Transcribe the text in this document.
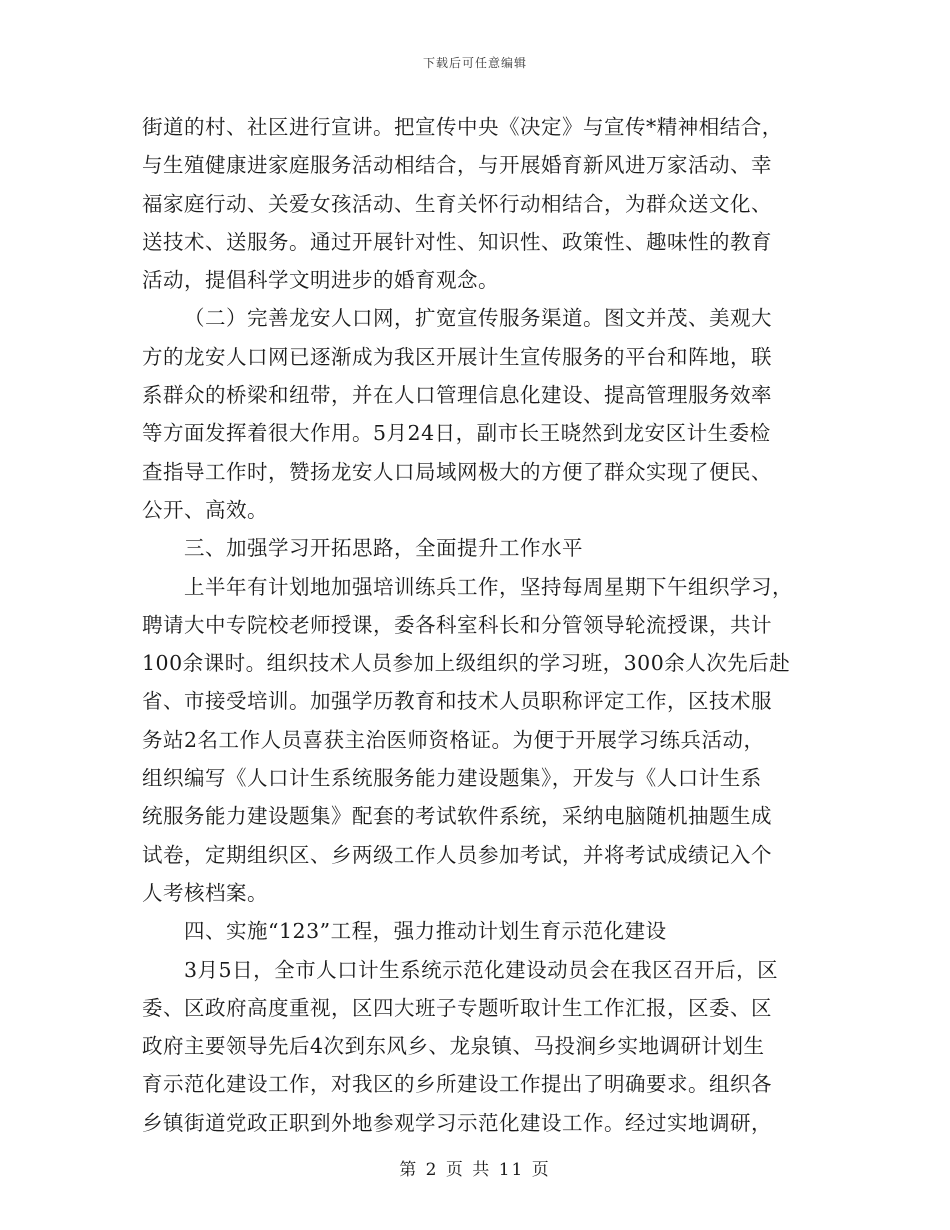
下载后可任意编辑
街道的村、社区进行宣讲。把宣传中央《决定》与宣传*精神相结合，
与生殖健康进家庭服务活动相结合，与开展婚育新风进万家活动、幸
福家庭行动、关爱女孩活动、生育关怀行动相结合，为群众送文化、
送技术、送服务。通过开展针对性、知识性、政策性、趣味性的教育
活动，提倡科学文明进步的婚育观念。
（二）完善龙安人口网，扩宽宣传服务渠道。图文并茂、美观大
方的龙安人口网已逐渐成为我区开展计生宣传服务的平台和阵地，联
系群众的桥梁和纽带，并在人口管理信息化建设、提高管理服务效率
等方面发挥着很大作用。5月24日，副市长王晓然到龙安区计生委检
查指导工作时，赞扬龙安人口局域网极大的方便了群众实现了便民、
公开、高效。
三、加强学习开拓思路，全面提升工作水平
上半年有计划地加强培训练兵工作，坚持每周星期下午组织学习，
聘请大中专院校老师授课，委各科室科长和分管领导轮流授课，共计
100余课时。组织技术人员参加上级组织的学习班，300余人次先后赴
省、市接受培训。加强学历教育和技术人员职称评定工作，区技术服
务站2名工作人员喜获主治医师资格证。为便于开展学习练兵活动，
组织编写《人口计生系统服务能力建设题集》，开发与《人口计生系
统服务能力建设题集》配套的考试软件系统，采纳电脑随机抽题生成
试卷，定期组织区、乡两级工作人员参加考试，并将考试成绩记入个
人考核档案。
四、实施“123”工程，强力推动计划生育示范化建设
3月5日，全市人口计生系统示范化建设动员会在我区召开后，区
委、区政府高度重视，区四大班子专题听取计生工作汇报，区委、区
政府主要领导先后4次到东风乡、龙泉镇、马投涧乡实地调研计划生
育示范化建设工作，对我区的乡所建设工作提出了明确要求。组织各
乡镇街道党政正职到外地参观学习示范化建设工作。经过实地调研，
第 2 页 共 11 页
